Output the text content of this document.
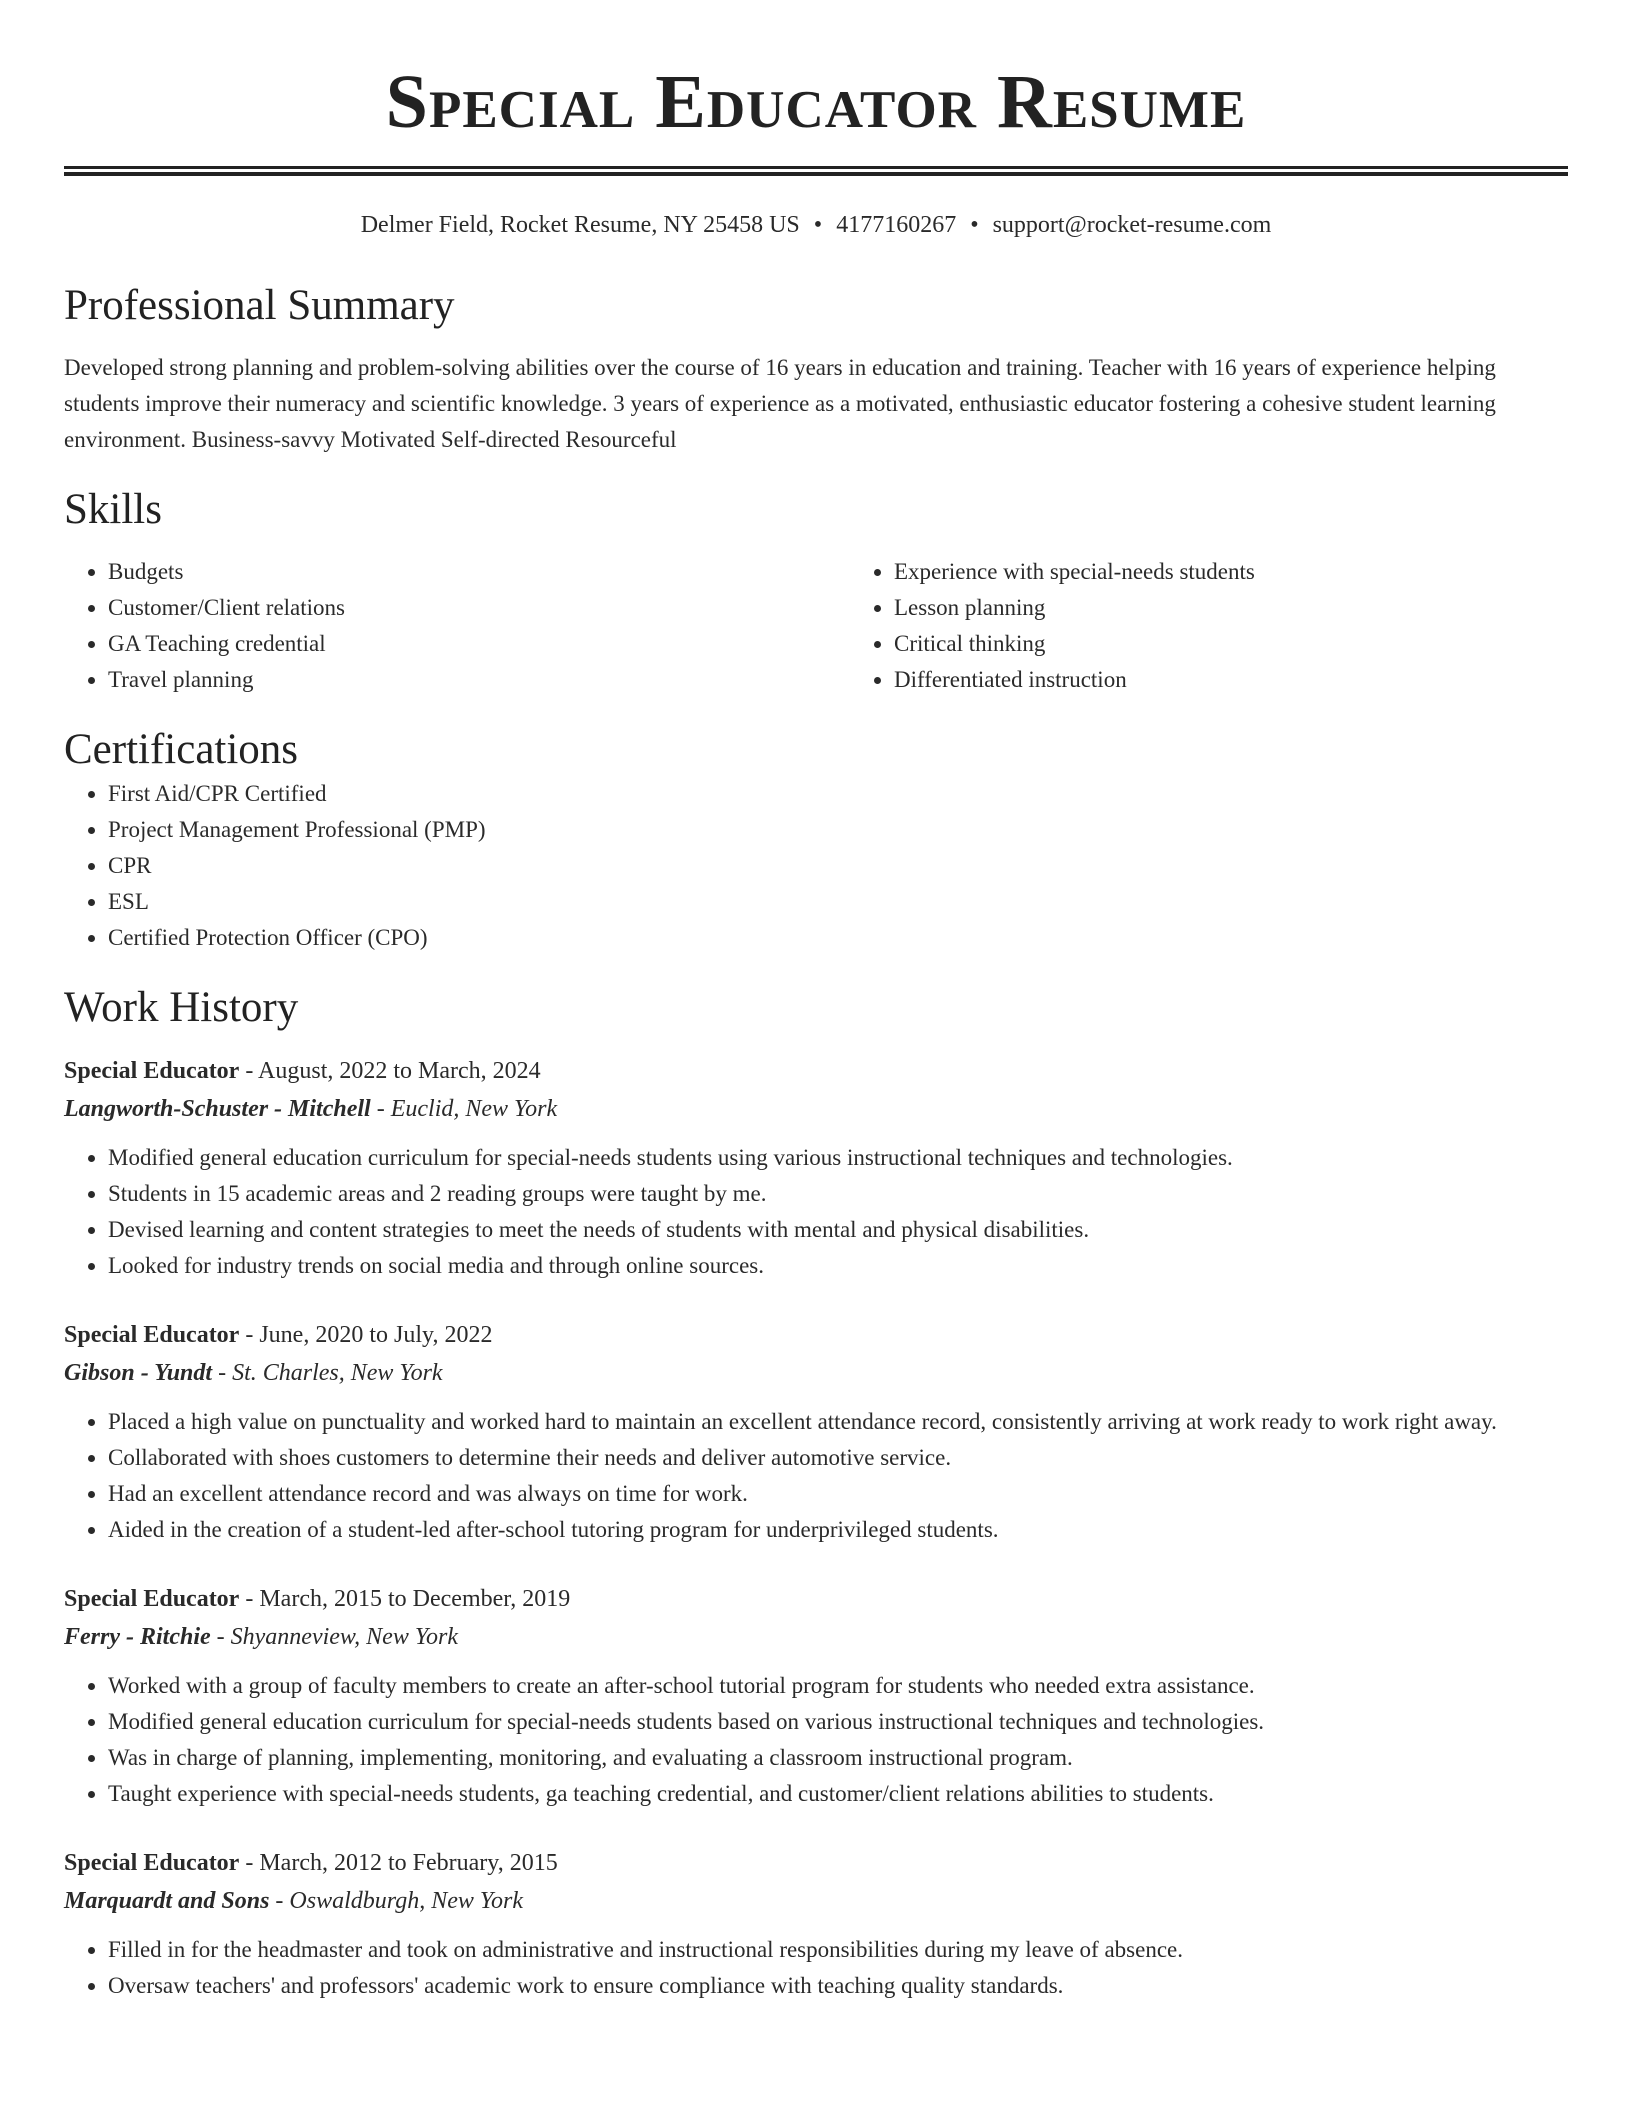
Special Educator Resume
Delmer Field, Rocket Resume, NY 25458 US • 4177160267 • support@rocket-resume.com
Professional Summary

Developed strong planning and problem-solving abilities over the course of 16 years in education and training. Teacher with 16 years of experience helping students improve their numeracy and scientific knowledge. 3 years of experience as a motivated, enthusiastic educator fostering a cohesive student learning environment. Business-savvy Motivated Self-directed Resourceful

Skills
• Budgets
• Customer/Client relations
• GA Teaching credential
• Travel planning
• Experience with special-needs students
• Lesson planning
• Critical thinking
• Differentiated instruction
Certifications
• First Aid/CPR Certified
• Project Management Professional (PMP)
• CPR
• ESL
• Certified Protection Officer (CPO)
Work History
Special Educator - August, 2022 to March, 2024
Langworth-Schuster - Mitchell - Euclid, New York
• Modified general education curriculum for special-needs students using various instructional techniques and technologies.
• Students in 15 academic areas and 2 reading groups were taught by me.
• Devised learning and content strategies to meet the needs of students with mental and physical disabilities.
• Looked for industry trends on social media and through online sources.
Special Educator - June, 2020 to July, 2022
Gibson - Yundt - St. Charles, New York
• Placed a high value on punctuality and worked hard to maintain an excellent attendance record, consistently arriving at work ready to work right away.
• Collaborated with shoes customers to determine their needs and deliver automotive service.
• Had an excellent attendance record and was always on time for work.
• Aided in the creation of a student-led after-school tutoring program for underprivileged students.
Special Educator - March, 2015 to December, 2019
Ferry - Ritchie - Shyanneview, New York
• Worked with a group of faculty members to create an after-school tutorial program for students who needed extra assistance.
• Modified general education curriculum for special-needs students based on various instructional techniques and technologies.
• Was in charge of planning, implementing, monitoring, and evaluating a classroom instructional program.
• Taught experience with special-needs students, ga teaching credential, and customer/client relations abilities to students.
Special Educator - March, 2012 to February, 2015
Marquardt and Sons - Oswaldburgh, New York
• Filled in for the headmaster and took on administrative and instructional responsibilities during my leave of absence.
• Oversaw teachers' and professors' academic work to ensure compliance with teaching quality standards.
